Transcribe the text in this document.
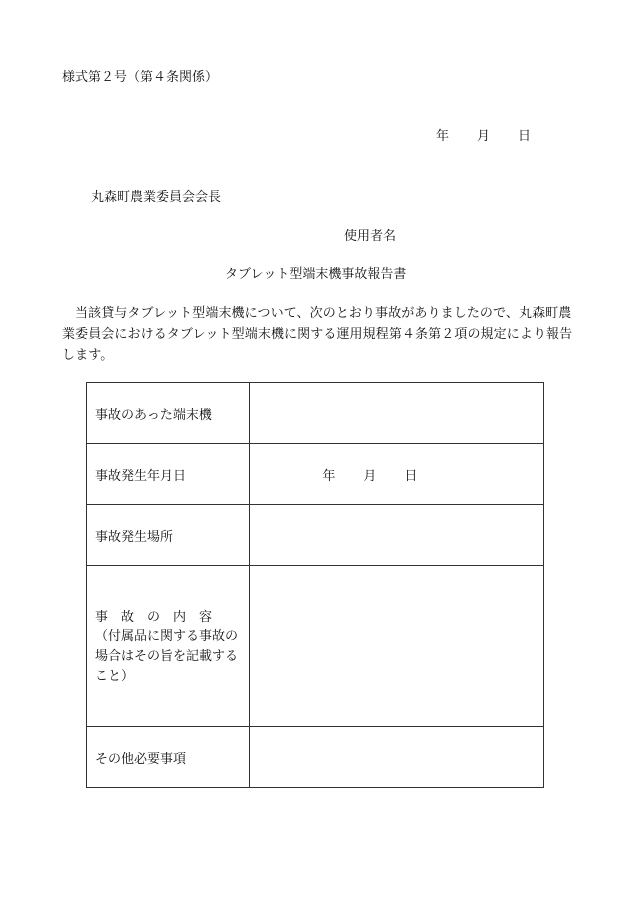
様式第２号（第４条関係）
年 月 日
丸森町農業委員会会長
使用者名
タブレット型端末機事故報告書
当該貸与タブレット型端末機について、次のとおり事故がありましたので、丸森町農業委員会におけるタブレット型端末機に関する運用規程第４条第２項の規定により報告します。
事故のあった端末機	
事故発生年月日	年 月 日
事故発生場所	

事故の内容
（付属品に関する事故の場合はその旨を記載すること）	

その他必要事項	
